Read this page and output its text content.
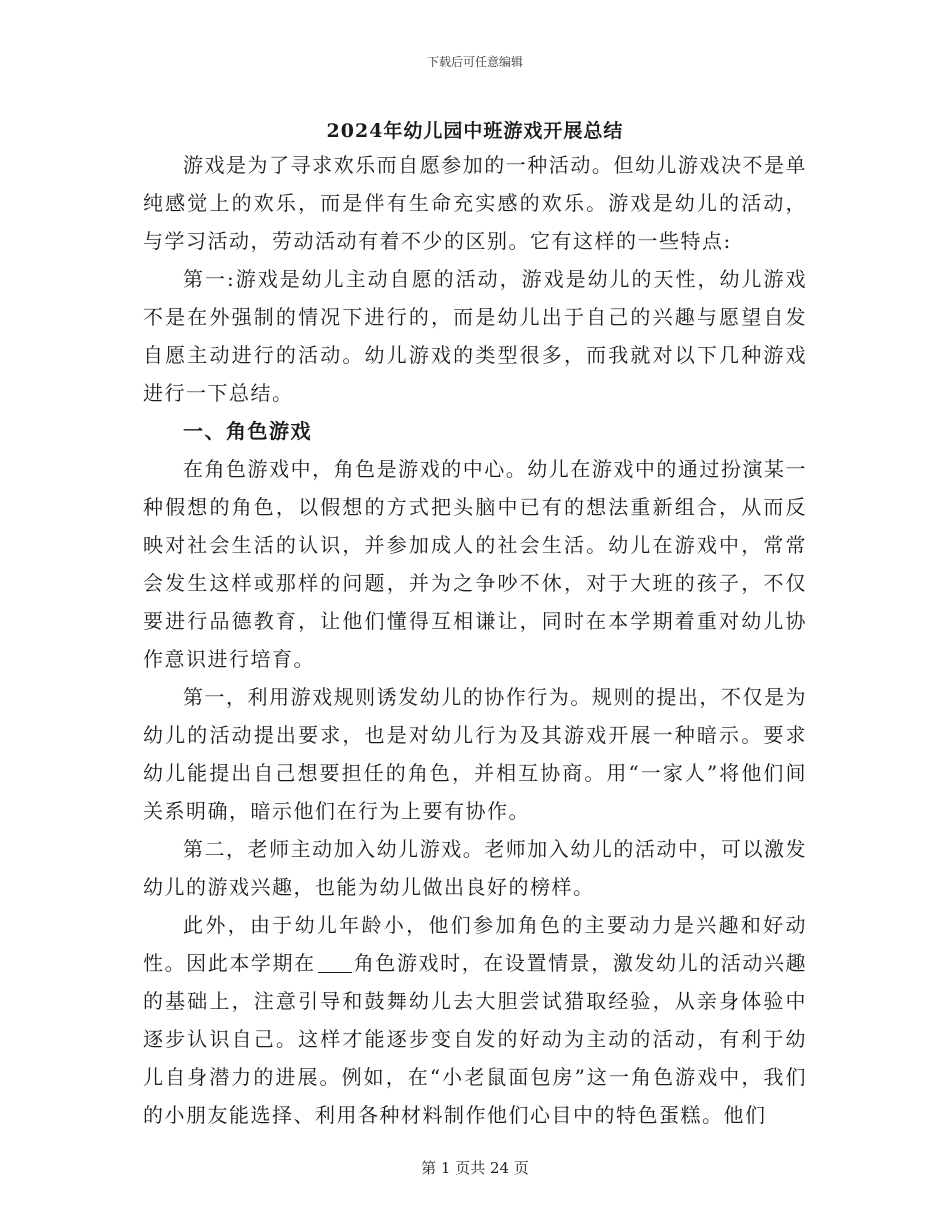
下载后可任意编辑
2024年幼儿园中班游戏开展总结

游戏是为了寻求欢乐而自愿参加的一种活动。但幼儿游戏决不是单纯感觉上的欢乐，而是伴有生命充实感的欢乐。游戏是幼儿的活动，与学习活动，劳动活动有着不少的区别。它有这样的一些特点:

第一:游戏是幼儿主动自愿的活动，游戏是幼儿的天性，幼儿游戏不是在外强制的情况下进行的，而是幼儿出于自己的兴趣与愿望自发自愿主动进行的活动。幼儿游戏的类型很多，而我就对以下几种游戏进行一下总结。

一、角色游戏

在角色游戏中，角色是游戏的中心。幼儿在游戏中的通过扮演某一种假想的角色，以假想的方式把头脑中已有的想法重新组合，从而反映对社会生活的认识，并参加成人的社会生活。幼儿在游戏中，常常会发生这样或那样的问题，并为之争吵不休，对于大班的孩子，不仅要进行品德教育，让他们懂得互相谦让，同时在本学期着重对幼儿协作意识进行培育。

第一，利用游戏规则诱发幼儿的协作行为。规则的提出，不仅是为幼儿的活动提出要求，也是对幼儿行为及其游戏开展一种暗示。要求幼儿能提出自己想要担任的角色，并相互协商。用“一家人”将他们间关系明确，暗示他们在行为上要有协作。

第二，老师主动加入幼儿游戏。老师加入幼儿的活动中，可以激发幼儿的游戏兴趣，也能为幼儿做出良好的榜样。

此外，由于幼儿年龄小，他们参加角色的主要动力是兴趣和好动性。因此本学期在 角色游戏时，在设置情景，激发幼儿的活动兴趣的基础上，注意引导和鼓舞幼儿去大胆尝试猎取经验，从亲身体验中逐步认识自己。这样才能逐步变自发的好动为主动的活动，有利于幼儿自身潜力的进展。例如，在“小老鼠面包房”这一角色游戏中，我们的小朋友能选择、利用各种材料制作他们心目中的特色蛋糕。他们

第 1 页共 24 页
